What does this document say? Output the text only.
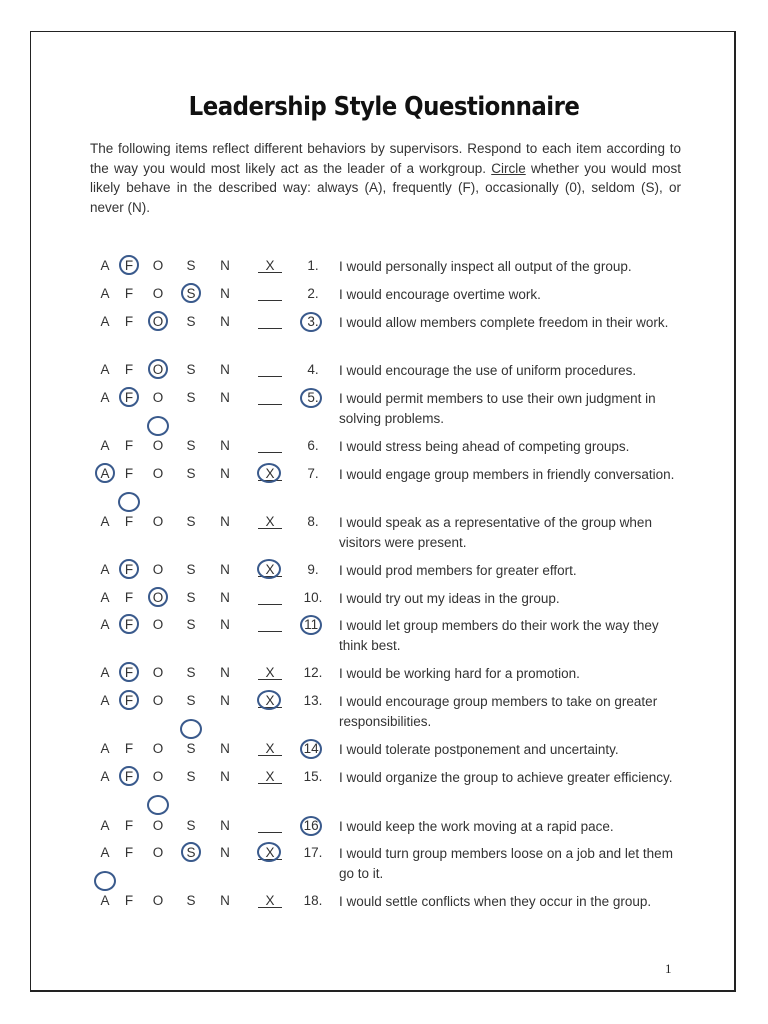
Leadership Style Questionnaire
The following items reflect different behaviors by supervisors. Respond to each item according to the way you would most likely act as the leader of a workgroup. Circle whether you would most likely behave in the described way: always (A), frequently (F), occasionally (0), seldom (S), or never (N).
A F O S N	X	1.	I would personally inspect all output of the group.
A F O S N	2.	I would encourage overtime work.
A F O S N	3.	I would allow members complete freedom in their work.
A F O S N	4.	I would encourage the use of uniform procedures.
A F O S N	5.	I would permit members to use their own judgment in solving problems.
A F O S N	6.	I would stress being ahead of competing groups.
A F O S N	X	7.	I would engage group members in friendly conversation.
A F O S N	X	8.	I would speak as a representative of the group when visitors were present.
A F O S N	X	9.	I would prod members for greater effort.
A F O S N	10.	I would try out my ideas in the group.
A F O S N	11.	I would let group members do their work the way they think best.
A F O S N	X	12.	I would be working hard for a promotion.
A F O S N	X	13.	I would encourage group members to take on greater responsibilities.
A F O S N	X	14.	I would tolerate postponement and uncertainty.
A F O S N	X	15.	I would organize the group to achieve greater efficiency.
A F O S N	16.	I would keep the work moving at a rapid pace.
A F O S N	X	17.	I would turn group members loose on a job and let them go to it.
A F O S N	X	18.	I would settle conflicts when they occur in the group.
1
